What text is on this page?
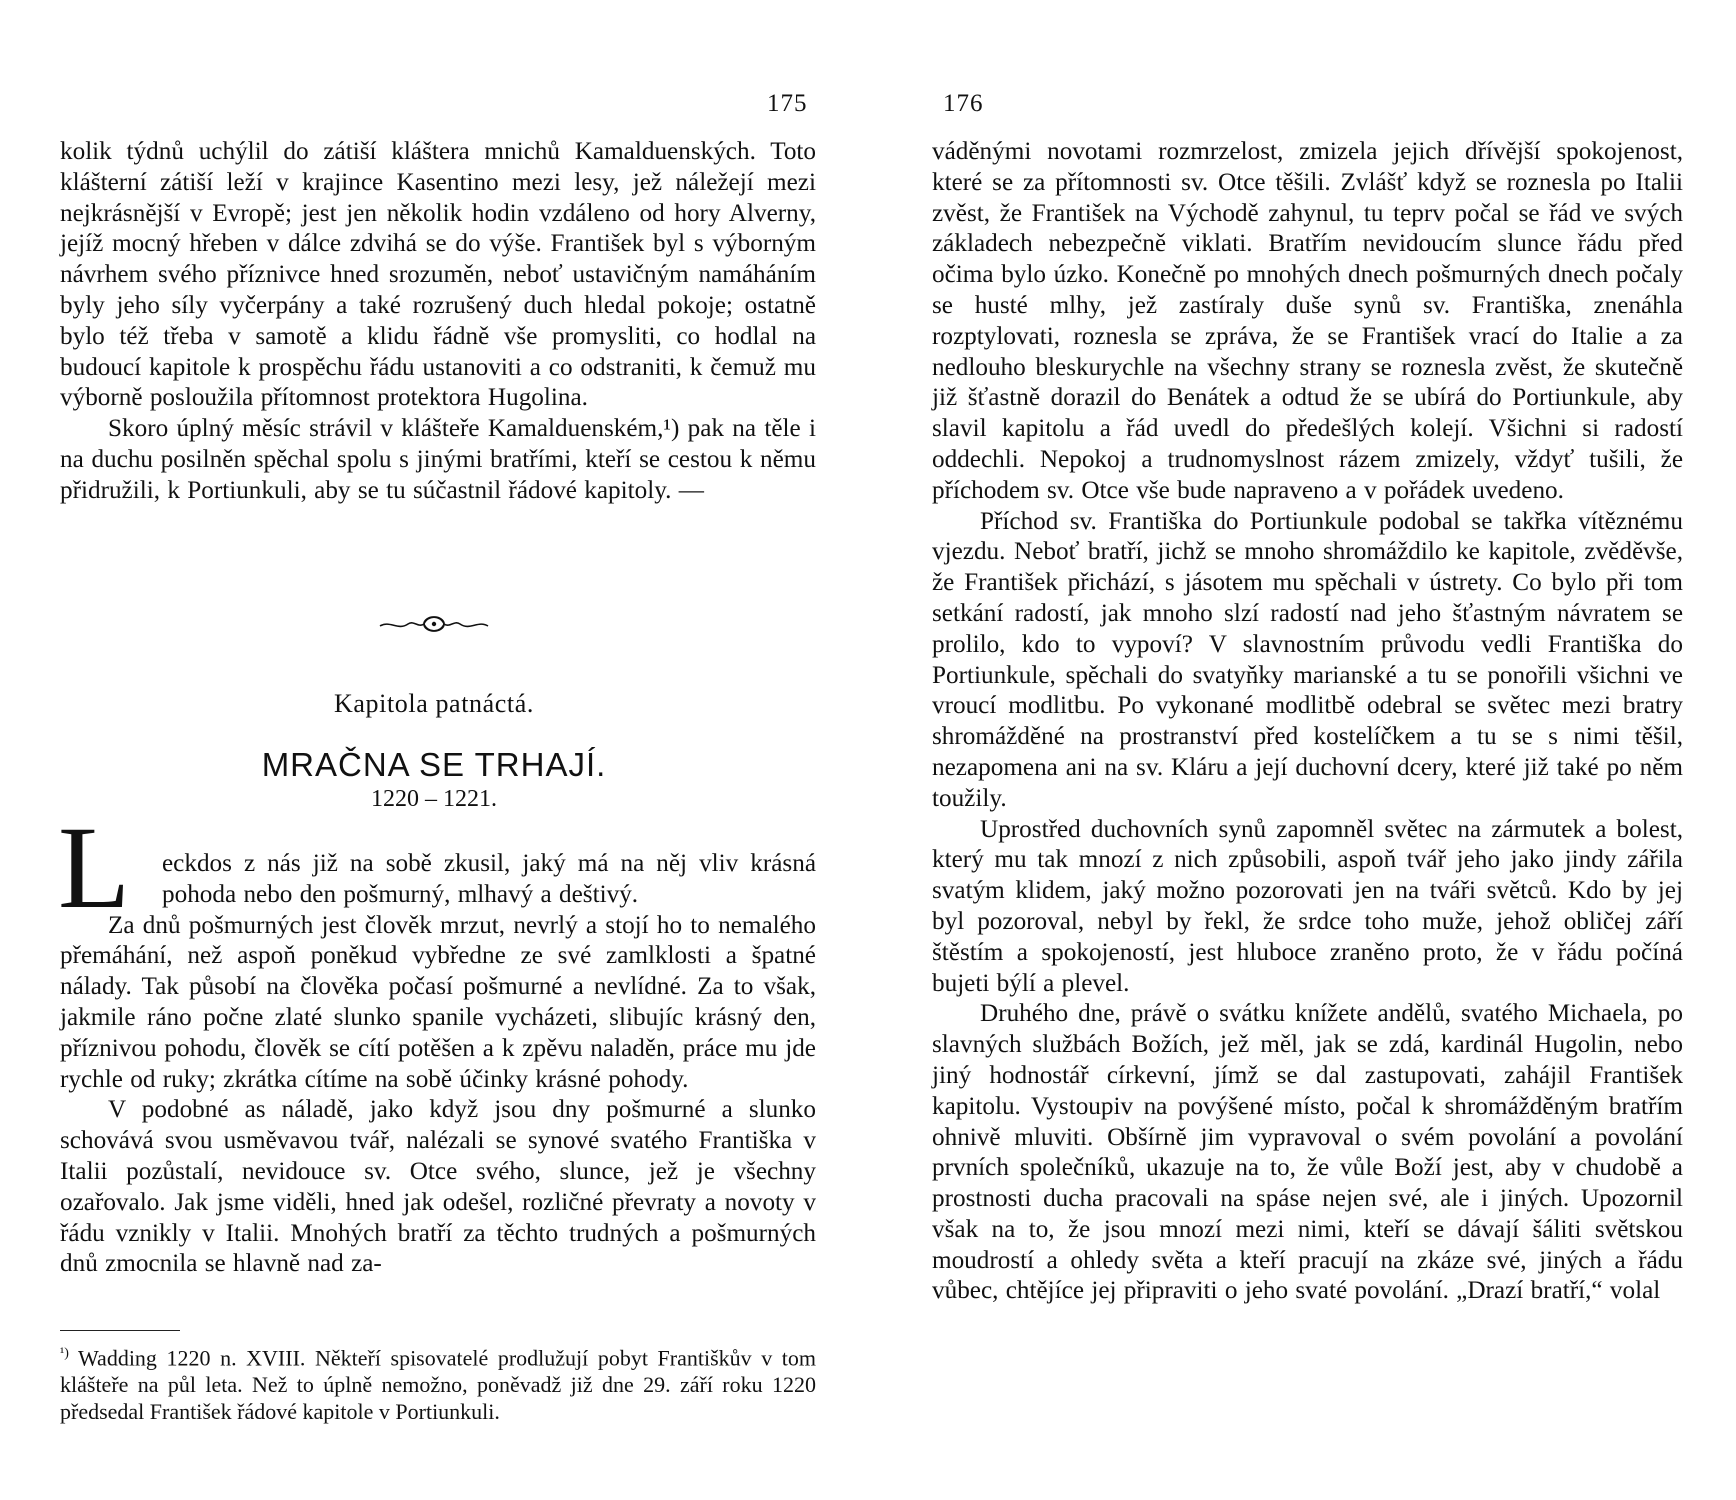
175

kolik týdnů uchýlil do zátiší kláštera mnichů Kamalduenských. Toto klášterní zátiší leží v krajince Kasentino mezi lesy, jež náležejí mezi nejkrásnější v Evropě; jest jen několik hodin vzdáleno od hory Alverny, jejíž mocný hřeben v dálce zdvihá se do výše. František byl s výborným návrhem svého příznivce hned srozuměn, neboť ustavičným namáháním byly jeho síly vyčerpány a také rozrušený duch hledal pokoje; ostatně bylo též třeba v samotě a klidu řádně vše promysliti, co hodlal na budoucí kapitole k prospěchu řádu ustanoviti a co odstraniti, k čemuž mu výborně posloužila přítomnost protektora Hugolina.

Skoro úplný měsíc strávil v klášteře Kamalduenském,¹) pak na těle i na duchu posilněn spěchal spolu s jinými bratřími, kteří se cestou k němu přidružili, k Portiunkuli, aby se tu súčastnil řádové kapitoly. —

Kapitola patnáctá.
MRAČNA SE TRHAJÍ.
1220 – 1221.
L	eckdos z nás již na sobě zkusil, jaký má na něj vliv krásná pohoda nebo den pošmurný, mlhavý a deštivý.
Za dnů pošmurných jest člověk mrzut, nevrlý a stojí ho to nemalého přemáhání, než aspoň poněkud vybředne ze své zamlklosti a špatné nálady. Tak působí na člověka počasí pošmurné a nevlídné. Za to však, jakmile ráno počne zlaté slunko spanile vycházeti, slibujíc krásný den, příznivou pohodu, člověk se cítí potěšen a k zpěvu naladěn, práce mu jde rychle od ruky; zkrátka cítíme na sobě účinky krásné pohody.

V podobné as náladě, jako když jsou dny pošmurné a slunko schovává svou usměvavou tvář, nalézali se synové svatého Františka v Italii pozůstalí, nevidouce sv. Otce svého, slunce, jež je všechny ozařovalo. Jak jsme viděli, hned jak odešel, rozličné převraty a novoty v řádu vznikly v Italii. Mnohých bratří za těchto trudných a pošmurných dnů zmocnila se hlavně nad za-

$^{^1)}$ Wadding 1220 n. XVIII. Někteří spisovatelé prodlužují pobyt Františkův v tom klášteře na půl leta. Než to úplně nemožno, poněvadž již dne 29. září roku 1220 předsedal František řádové kapitole v Portiunkuli.
176

váděnými novotami rozmrzelost, zmizela jejich dřívější spokojenost, které se za přítomnosti sv. Otce těšili. Zvlášť když se roznesla po Italii zvěst, že František na Východě zahynul, tu teprv počal se řád ve svých základech nebezpečně viklati. Bratřím nevidoucím slunce řádu před očima bylo úzko. Konečně po mnohých dnech pošmurných dnech počaly se husté mlhy, jež zastíraly duše synů sv. Františka, znenáhla rozptylovati, roznesla se zpráva, že se František vrací do Italie a za nedlouho bleskurychle na všechny strany se roznesla zvěst, že skutečně již šťastně dorazil do Benátek a odtud že se ubírá do Portiunkule, aby slavil kapitolu a řád uvedl do předešlých kolejí. Všichni si radostí oddechli. Nepokoj a trudnomyslnost rázem zmizely, vždyť tušili, že příchodem sv. Otce vše bude napraveno a v pořádek uvedeno.

Příchod sv. Františka do Portiunkule podobal se takřka vítěznému vjezdu. Neboť bratří, jichž se mnoho shromáždilo ke kapitole, zvěděvše, že František přichází, s jásotem mu spěchali v ústrety. Co bylo při tom setkání radostí, jak mnoho slzí radostí nad jeho šťastným návratem se prolilo, kdo to vypoví? V slavnostním průvodu vedli Františka do Portiunkule, spěchali do svatyňky marianské a tu se ponořili všichni ve vroucí modlitbu. Po vykonané modlitbě odebral se světec mezi bratry shromážděné na prostranství před kostelíčkem a tu se s nimi těšil, nezapomena ani na sv. Kláru a její duchovní dcery, které již také po něm toužily.

Uprostřed duchovních synů zapomněl světec na zármutek a bolest, který mu tak mnozí z nich způsobili, aspoň tvář jeho jako jindy zářila svatým klidem, jaký možno pozorovati jen na tváři světců. Kdo by jej byl pozoroval, nebyl by řekl, že srdce toho muže, jehož obličej září štěstím a spokojeností, jest hluboce zraněno proto, že v řádu počíná bujeti býlí a plevel.

Druhého dne, právě o svátku knížete andělů, svatého Michaela, po slavných službách Božích, jež měl, jak se zdá, kardinál Hugolin, nebo jiný hodnostář církevní, jímž se dal zastupovati, zahájil František kapitolu. Vystoupiv na povýšené místo, počal k shromážděným bratřím ohnivě mluviti. Obšírně jim vypravoval o svém povolání a povolání prvních společníků, ukazuje na to, že vůle Boží jest, aby v chudobě a prostnosti ducha pracovali na spáse nejen své, ale i jiných. Upozornil však na to, že jsou mnozí mezi nimi, kteří se dávají šáliti světskou moudrostí a ohledy světa a kteří pracují na zkáze své, jiných a řádu vůbec, chtějíce jej připraviti o jeho svaté povolání. „Drazí bratří,“ volal
